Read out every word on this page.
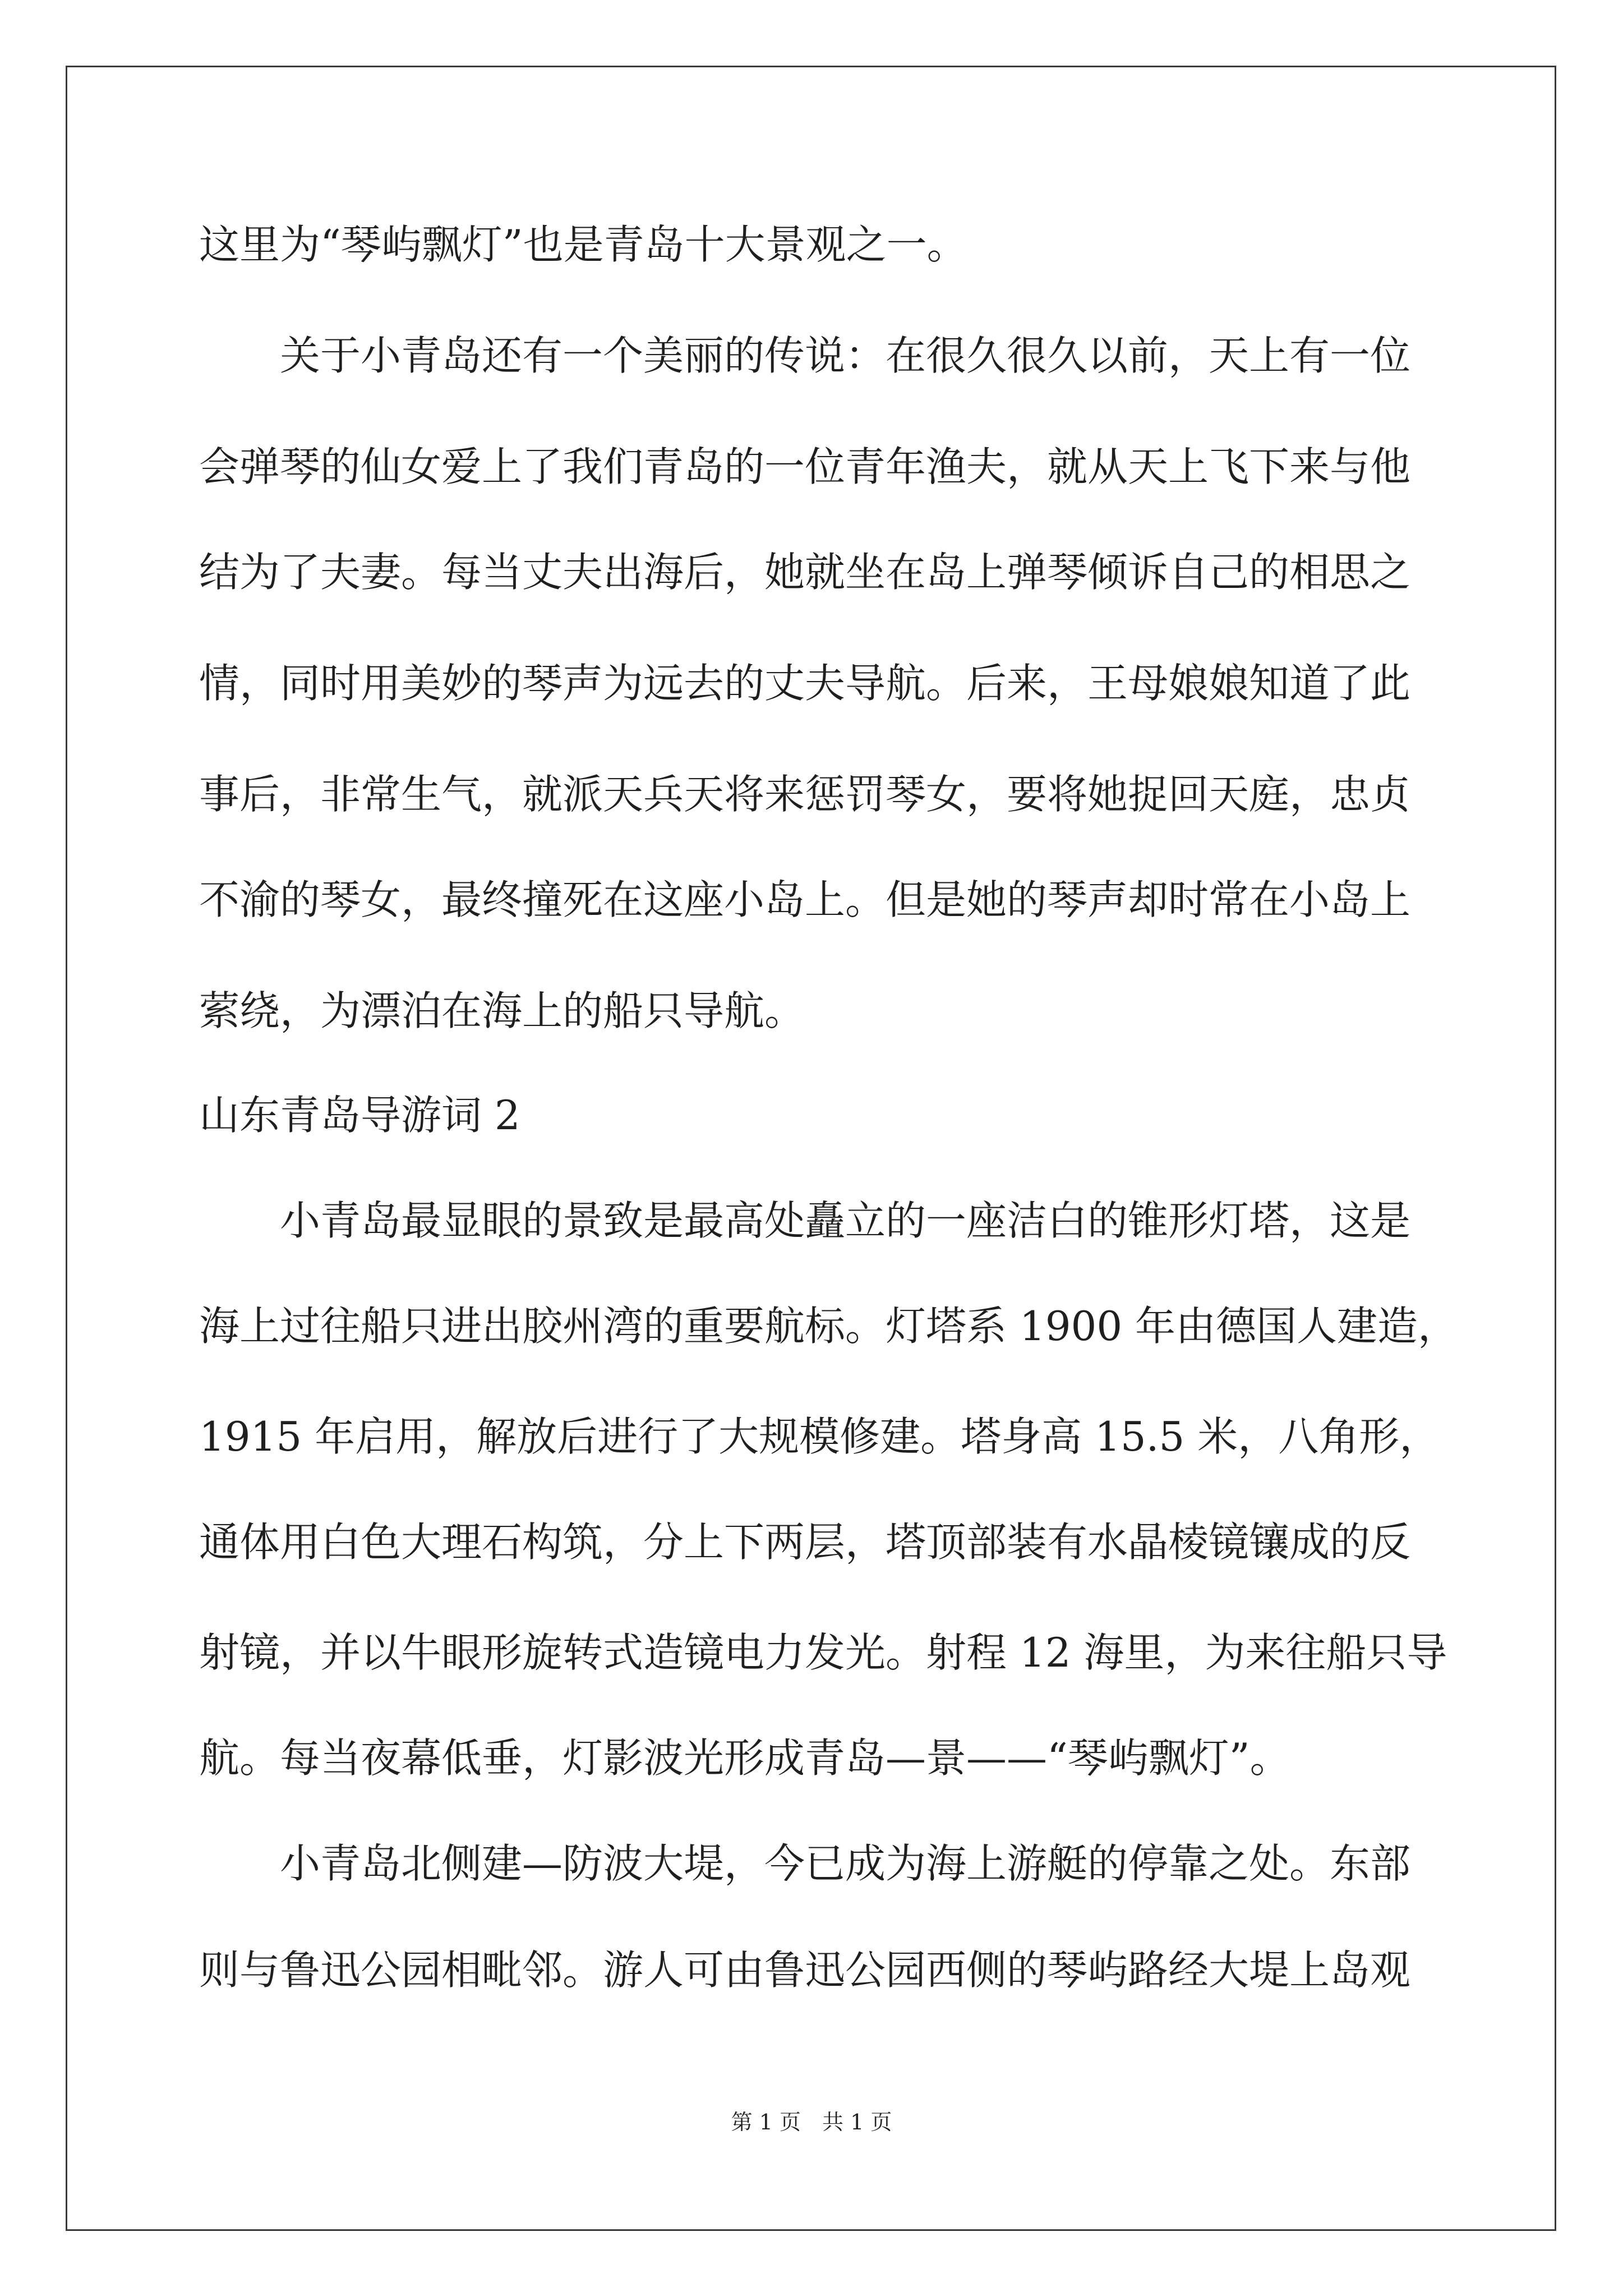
这里为“琴屿飘灯”也是青岛十大景观之一。
　　关于小青岛还有一个美丽的传说：在很久很久以前，天上有一位
会弹琴的仙女爱上了我们青岛的一位青年渔夫，就从天上飞下来与他
结为了夫妻。每当丈夫出海后，她就坐在岛上弹琴倾诉自己的相思之
情，同时用美妙的琴声为远去的丈夫导航。后来，王母娘娘知道了此
事后，非常生气，就派天兵天将来惩罚琴女，要将她捉回天庭，忠贞
不渝的琴女，最终撞死在这座小岛上。但是她的琴声却时常在小岛上
萦绕，为漂泊在海上的船只导航。
山东青岛导游词 2
　　小青岛最显眼的景致是最高处矗立的一座洁白的锥形灯塔，这是
海上过往船只进出胶州湾的重要航标。灯塔系 1900 年由德国人建造，
1915 年启用，解放后进行了大规模修建。塔身高 15.5 米，八角形，
通体用白色大理石构筑，分上下两层，塔顶部装有水晶棱镜镶成的反
射镜，并以牛眼形旋转式造镜电力发光。射程 12 海里，为来往船只导
航。每当夜幕低垂，灯影波光形成青岛—景——“琴屿飘灯”。
　　小青岛北侧建—防波大堤，今已成为海上游艇的停靠之处。东部
则与鲁迅公园相毗邻。游人可由鲁迅公园西侧的琴屿路经大堤上岛观
第 1 页　共 1 页
